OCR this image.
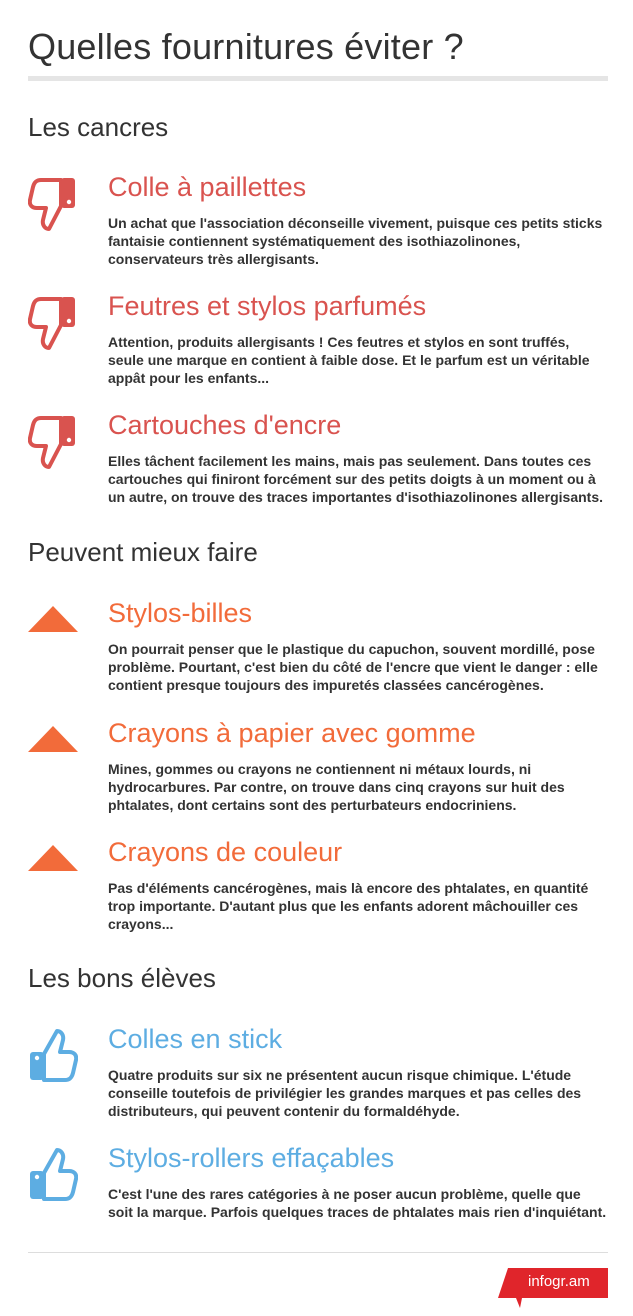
Quelles fournitures éviter ?
Les cancres
Colle à paillettes

Un achat que l'association déconseille vivement, puisque ces petits sticks fantaisie contiennent systématiquement des isothiazolinones, conservateurs très allergisants.

Feutres et stylos parfumés

Attention, produits allergisants ! Ces feutres et stylos en sont truffés, seule une marque en contient à faible dose. Et le parfum est un véritable appât pour les enfants...

Cartouches d'encre

Elles tâchent facilement les mains, mais pas seulement. Dans toutes ces cartouches qui finiront forcément sur des petits doigts à un moment ou à un autre, on trouve des traces importantes d'isothiazolinones allergisants.

Peuvent mieux faire
Stylos-billes

On pourrait penser que le plastique du capuchon, souvent mordillé, pose problème. Pourtant, c'est bien du côté de l'encre que vient le danger : elle contient presque toujours des impuretés classées cancérogènes.

Crayons à papier avec gomme

Mines, gommes ou crayons ne contiennent ni métaux lourds, ni hydrocarbures. Par contre, on trouve dans cinq crayons sur huit des phtalates, dont certains sont des perturbateurs endocriniens.

Crayons de couleur

Pas d'éléments cancérogènes, mais là encore des phtalates, en quantité trop importante. D'autant plus que les enfants adorent mâchouiller ces crayons...

Les bons élèves
Colles en stick

Quatre produits sur six ne présentent aucun risque chimique. L'étude conseille toutefois de privilégier les grandes marques et pas celles des distributeurs, qui peuvent contenir du formaldéhyde.

Stylos-rollers effaçables

C'est l'une des rares catégories à ne poser aucun problème, quelle que soit la marque. Parfois quelques traces de phtalates mais rien d'inquiétant.

infogr.am
